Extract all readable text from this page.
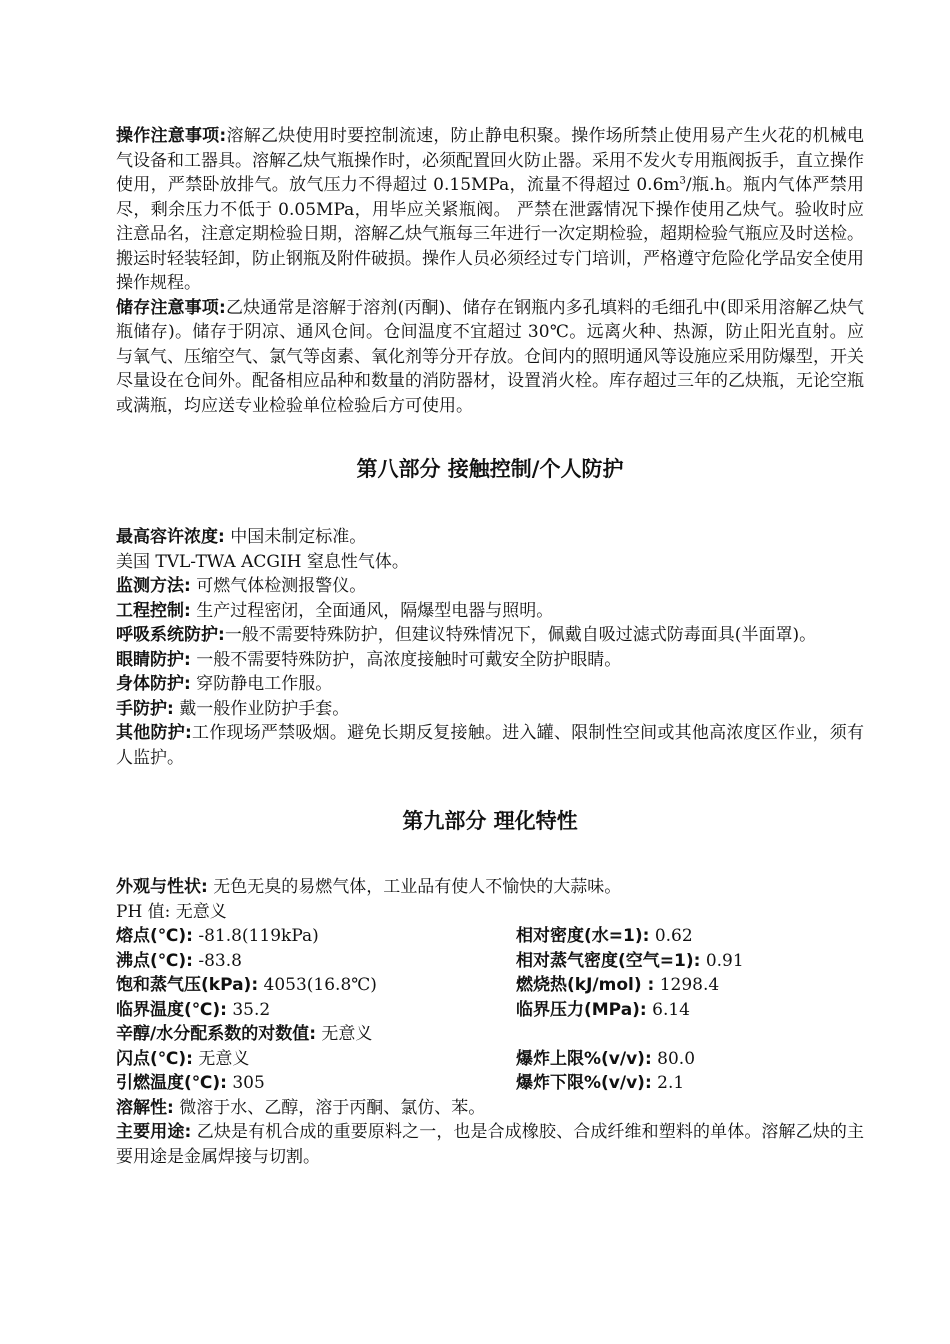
操作注意事项:溶解乙炔使用时要控制流速，防止静电积聚。操作场所禁止使用易产生火花的机械电气设备和工器具。溶解乙炔气瓶操作时，必须配置回火防止器。采用不发火专用瓶阀扳手，直立操作使用，严禁卧放排气。放气压力不得超过 0.15MPa，流量不得超过 $0.6m^3/$瓶.h。瓶内气体严禁用尽，剩余压力不低于 0.05MPa，用毕应关紧瓶阀。 严禁在泄露情况下操作使用乙炔气。验收时应注意品名，注意定期检验日期，溶解乙炔气瓶每三年进行一次定期检验，超期检验气瓶应及时送检。搬运时轻装轻卸，防止钢瓶及附件破损。操作人员必须经过专门培训，严格遵守危险化学品安全使用操作规程。

储存注意事项:乙炔通常是溶解于溶剂(丙酮)、储存在钢瓶内多孔填料的毛细孔中(即采用溶解乙炔气瓶储存)。储存于阴凉、通风仓间。仓间温度不宜超过 30℃。远离火种、热源，防止阳光直射。应与氧气、压缩空气、氯气等卤素、氧化剂等分开存放。仓间内的照明通风等设施应采用防爆型，开关尽量设在仓间外。配备相应品种和数量的消防器材，设置消火栓。库存超过三年的乙炔瓶，无论空瓶或满瓶，均应送专业检验单位检验后方可使用。

第八部分 接触控制/个人防护

最高容许浓度: 中国未制定标准。

美国 TVL-TWA ACGIH 窒息性气体。

监测方法: 可燃气体检测报警仪。

工程控制: 生产过程密闭，全面通风，隔爆型电器与照明。

呼吸系统防护:一般不需要特殊防护，但建议特殊情况下，佩戴自吸过滤式防毒面具(半面罩)。

眼睛防护: 一般不需要特殊防护，高浓度接触时可戴安全防护眼睛。

身体防护: 穿防静电工作服。

手防护: 戴一般作业防护手套。

其他防护:工作现场严禁吸烟。避免长期反复接触。进入罐、限制性空间或其他高浓度区作业，须有人监护。

第九部分 理化特性

外观与性状: 无色无臭的易燃气体，工业品有使人不愉快的大蒜味。

PH 值: 无意义

熔点(℃): -81.8(119kPa)	相对密度(水=1): 0.62
沸点(℃): -83.8	相对蒸气密度(空气=1): 0.91
饱和蒸气压(kPa): 4053(16.8℃)	燃烧热(kJ/mol) : 1298.4
临界温度(℃): 35.2	临界压力(MPa): 6.14

辛醇/水分配系数的对数值: 无意义

闪点(℃): 无意义	爆炸上限%(v/v): 80.0
引燃温度(℃): 305	爆炸下限%(v/v): 2.1

溶解性: 微溶于水、乙醇，溶于丙酮、氯仿、苯。

主要用途: 乙炔是有机合成的重要原料之一，也是合成橡胶、合成纤维和塑料的单体。溶解乙炔的主要用途是金属焊接与切割。
